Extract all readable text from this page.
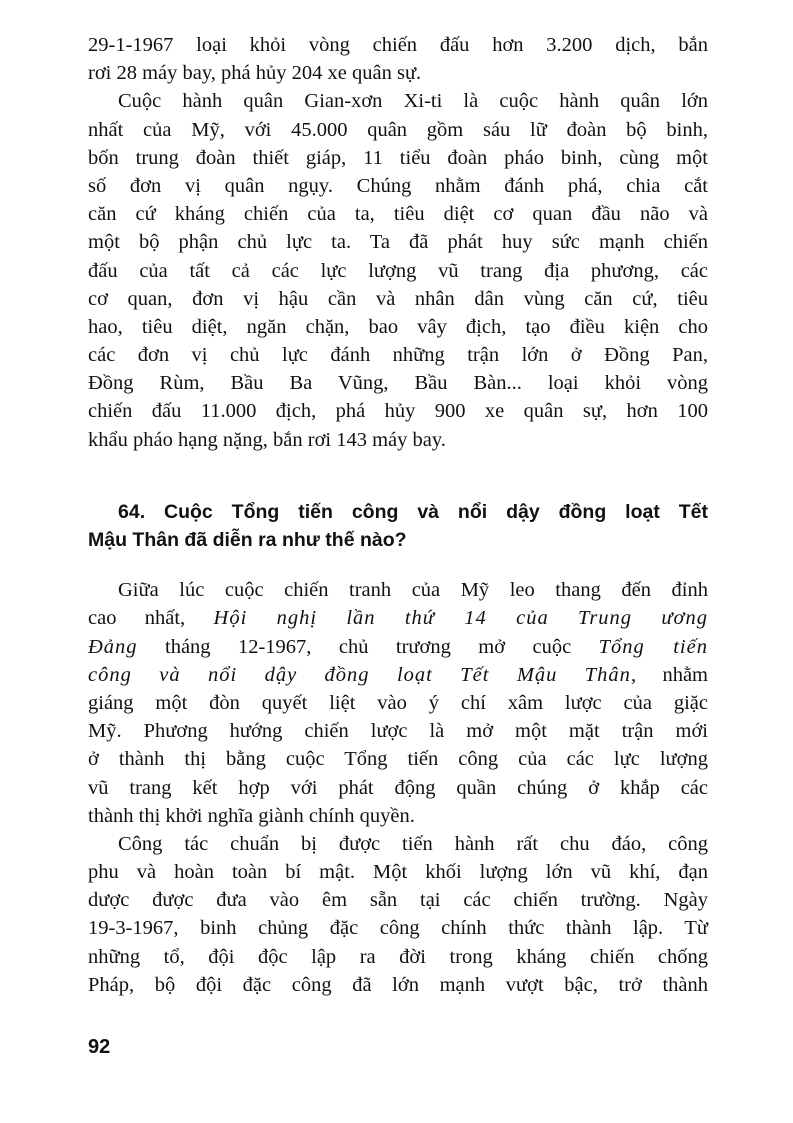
29-1-1967 loại khỏi vòng chiến đấu hơn 3.200 dịch, bắn
rơi 28 máy bay, phá hủy 204 xe quân sự.
Cuộc hành quân Gian-xơn Xi-ti là cuộc hành quân lớn
nhất của Mỹ, với 45.000 quân gồm sáu lữ đoàn bộ binh,
bốn trung đoàn thiết giáp, 11 tiểu đoàn pháo binh, cùng một
số đơn vị quân ngụy. Chúng nhằm đánh phá, chia cắt
căn cứ kháng chiến của ta, tiêu diệt cơ quan đầu não và
một bộ phận chủ lực ta. Ta đã phát huy sức mạnh chiến
đấu của tất cả các lực lượng vũ trang địa phương, các
cơ quan, đơn vị hậu cần và nhân dân vùng căn cứ, tiêu
hao, tiêu diệt, ngăn chặn, bao vây địch, tạo điều kiện cho
các đơn vị chủ lực đánh những trận lớn ở Đồng Pan,
Đồng Rùm, Bầu Ba Vũng, Bầu Bàn... loại khỏi vòng
chiến đấu 11.000 địch, phá hủy 900 xe quân sự, hơn 100
khẩu pháo hạng nặng, bắn rơi 143 máy bay.
64. Cuộc Tổng tiến công và nổi dậy đồng loạt Tết
Mậu Thân đã diễn ra như thế nào?
Giữa lúc cuộc chiến tranh của Mỹ leo thang đến đỉnh
cao nhất, Hội nghị lần thứ 14 của Trung ương
Đảng tháng 12-1967, chủ trương mở cuộc Tổng tiến
công và nổi dậy đồng loạt Tết Mậu Thân, nhằm
giáng một đòn quyết liệt vào ý chí xâm lược của giặc
Mỹ. Phương hướng chiến lược là mở một mặt trận mới
ở thành thị bằng cuộc Tổng tiến công của các lực lượng
vũ trang kết hợp với phát động quần chúng ở khắp các
thành thị khởi nghĩa giành chính quyền.
Công tác chuẩn bị được tiến hành rất chu đáo, công
phu và hoàn toàn bí mật. Một khối lượng lớn vũ khí, đạn
dược được đưa vào êm sẵn tại các chiến trường. Ngày
19-3-1967, binh chủng đặc công chính thức thành lập. Từ
những tổ, đội độc lập ra đời trong kháng chiến chống
Pháp, bộ đội đặc công đã lớn mạnh vượt bậc, trở thành
92
